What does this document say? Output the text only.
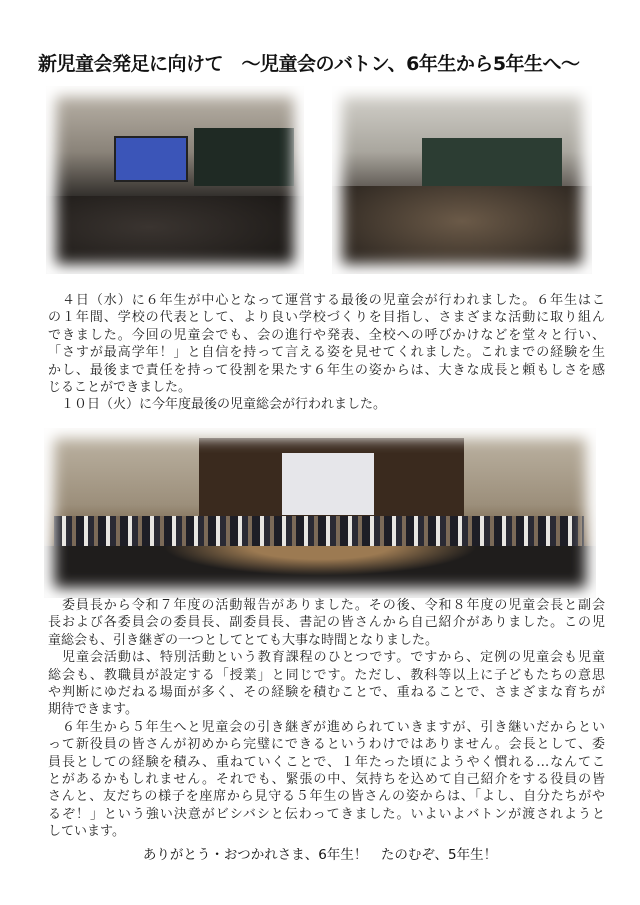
新児童会発足に向けて　～児童会のバトン、6年生から5年生へ～
　４日（水）に６年生が中心となって運営する最後の児童会が行われました。６年生はこ
の１年間、学校の代表として、より良い学校づくりを目指し、さまざまな活動に取り組ん
できました。今回の児童会でも、会の進行や発表、全校への呼びかけなどを堂々と行い、
「さすが最高学年！」と自信を持って言える姿を見せてくれました。これまでの経験を生
かし、最後まで責任を持って役割を果たす６年生の姿からは、大きな成長と頼もしさを感
じることができました。
　１０日（火）に今年度最後の児童総会が行われました。
　委員長から令和７年度の活動報告がありました。その後、令和８年度の児童会長と副会
長および各委員会の委員長、副委員長、書記の皆さんから自己紹介がありました。この児
童総会も、引き継ぎの一つとしてとても大事な時間となりました。
　児童会活動は、特別活動という教育課程のひとつです。ですから、定例の児童会も児童
総会も、教職員が設定する「授業」と同じです。ただし、教科等以上に子どもたちの意思
や判断にゆだねる場面が多く、その経験を積むことで、重ねることで、さまざまな育ちが
期待できます。
　６年生から５年生へと児童会の引き継ぎが進められていきますが、引き継いだからとい
って新役員の皆さんが初めから完璧にできるというわけではありません。会長として、委
員長としての経験を積み、重ねていくことで、１年たった頃にようやく慣れる…なんてこ
とがあるかもしれません。それでも、緊張の中、気持ちを込めて自己紹介をする役員の皆
さんと、友だちの様子を座席から見守る５年生の皆さんの姿からは、「よし、自分たちがや
るぞ！」という強い決意がビシバシと伝わってきました。いよいよバトンが渡されようと
しています。
ありがとう・おつかれさま、6年生！　たのむぞ、5年生！
